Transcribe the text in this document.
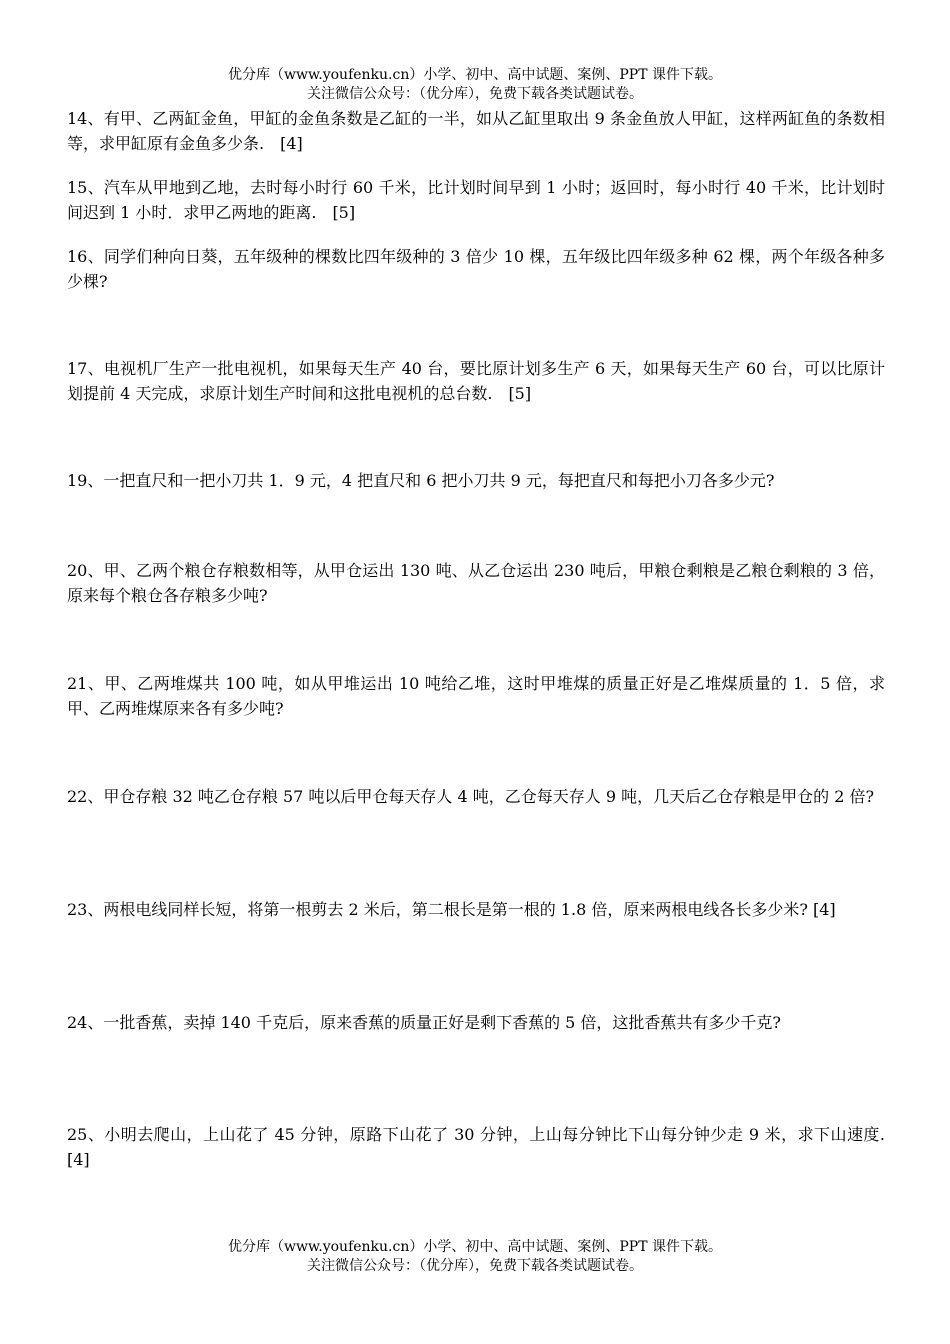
优分库（www.youfenku.cn）小学、初中、高中试题、案例、PPT 课件下载。
关注微信公众号：（优分库），免费下载各类试题试卷。
14、有甲、乙两缸金鱼，甲缸的金鱼条数是乙缸的一半，如从乙缸里取出 9 条金鱼放人甲缸，这样两缸鱼的条数相等，求甲缸原有金鱼多少条.　[4]
15、汽车从甲地到乙地，去时每小时行 60 千米，比计划时间早到 1 小时；返回时，每小时行 40 千米，比计划时间迟到 1 小时．求甲乙两地的距离.　[5]
16、同学们种向日葵，五年级种的棵数比四年级种的 3 倍少 10 棵，五年级比四年级多种 62 棵，两个年级各种多少棵?
17、电视机厂生产一批电视机，如果每天生产 40 台，要比原计划多生产 6 天，如果每天生产 60 台，可以比原计划提前 4 天完成，求原计划生产时间和这批电视机的总台数.　[5]
19、一把直尺和一把小刀共 1．9 元，4 把直尺和 6 把小刀共 9 元，每把直尺和每把小刀各多少元?
20、甲、乙两个粮仓存粮数相等，从甲仓运出 130 吨、从乙仓运出 230 吨后，甲粮仓剩粮是乙粮仓剩粮的 3 倍，原来每个粮仓各存粮多少吨?
21、甲、乙两堆煤共 100 吨，如从甲堆运出 10 吨给乙堆，这时甲堆煤的质量正好是乙堆煤质量的 1．5 倍，求甲、乙两堆煤原来各有多少吨?
22、甲仓存粮 32 吨乙仓存粮 57 吨以后甲仓每天存人 4 吨，乙仓每天存人 9 吨，几天后乙仓存粮是甲仓的 2 倍?
23、两根电线同样长短，将第一根剪去 2 米后，第二根长是第一根的 1.8 倍，原来两根电线各长多少米? [4]
24、一批香蕉，卖掉 140 千克后，原来香蕉的质量正好是剩下香蕉的 5 倍，这批香蕉共有多少千克?
25、小明去爬山，上山花了 45 分钟，原路下山花了 30 分钟，上山每分钟比下山每分钟少走 9 米，求下山速度.　[4]
优分库（www.youfenku.cn）小学、初中、高中试题、案例、PPT 课件下载。
关注微信公众号：（优分库），免费下载各类试题试卷。
